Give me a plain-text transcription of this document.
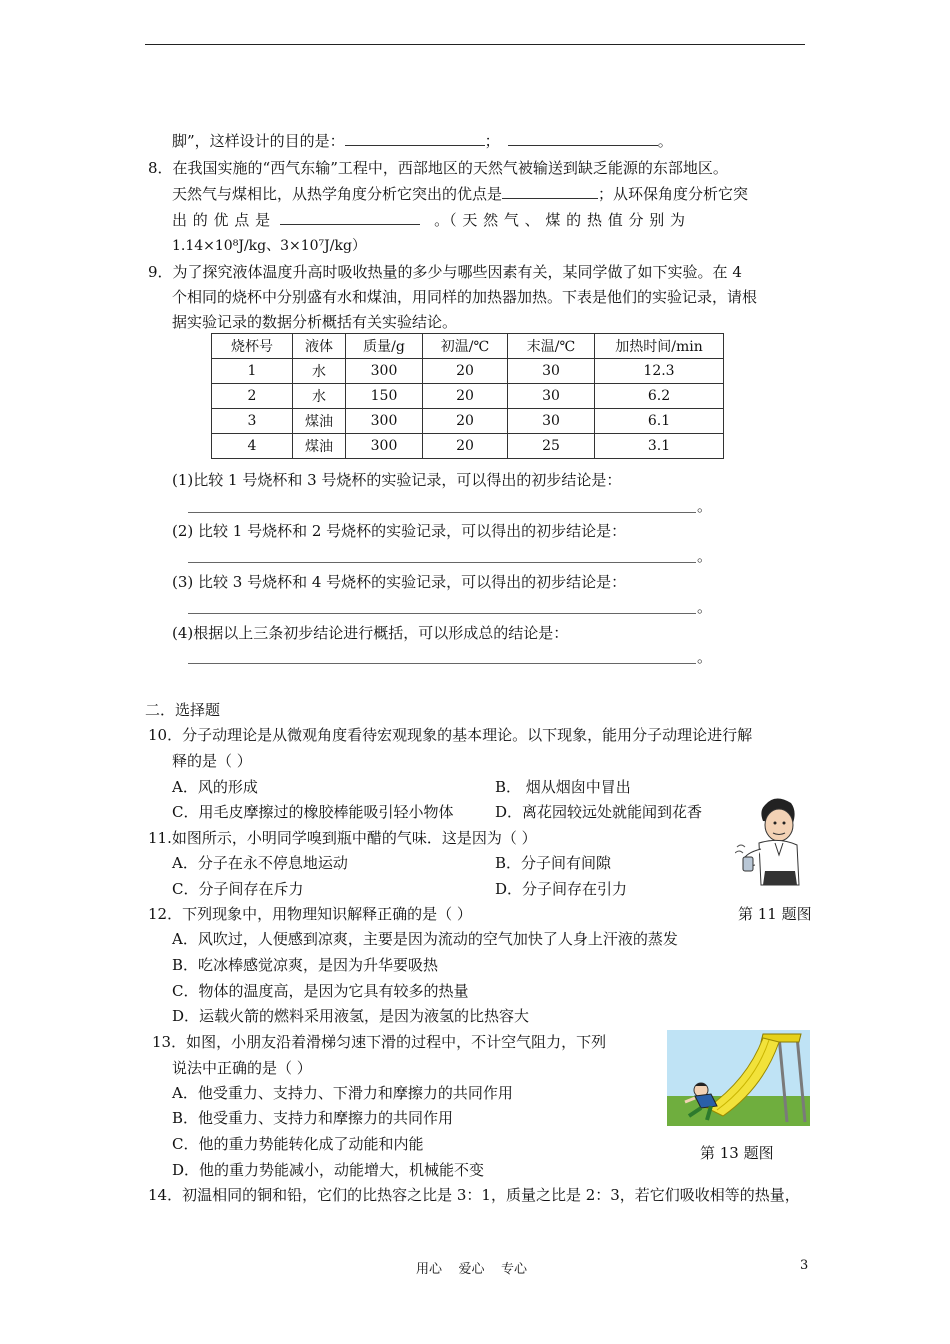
脚”，这样设计的目的是：	；	。
8．在我国实施的“西气东输”工程中，西部地区的天然气被输送到缺乏能源的东部地区。
天然气与煤相比，从热学角度分析它突出的优点是	；从环保角度分析它突
出 的 优 点 是	。（ 天 然 气 、 煤 的 热 值 分 别 为
1.14×10⁸J/kg、3×10⁷J/kg）
9．为了探究液体温度升高时吸收热量的多少与哪些因素有关，某同学做了如下实验。在 4
个相同的烧杯中分别盛有水和煤油，用同样的加热器加热。下表是他们的实验记录，请根
据实验记录的数据分析概括有关实验结论。
烧杯号	液体	质量/g	初温/℃	末温/℃	加热时间/min
1	水	300	20	30	12.3
2	水	150	20	30	6.2
3	煤油	300	20	30	6.1
4	煤油	300	20	25	3.1
(1)比较 1 号烧杯和 3 号烧杯的实验记录，可以得出的初步结论是：
。
(2) 比较 1 号烧杯和 2 号烧杯的实验记录，可以得出的初步结论是：
。
(3) 比较 3 号烧杯和 4 号烧杯的实验记录，可以得出的初步结论是：
。
(4)根据以上三条初步结论进行概括，可以形成总的结论是：
。
二．选择题
10．分子动理论是从微观角度看待宏观现象的基本理论。以下现象，能用分子动理论进行解
释的是（ ）
A．风的形成	B． 烟从烟囱中冒出
C．用毛皮摩擦过的橡胶棒能吸引轻小物体	D．离花园较远处就能闻到花香
11.如图所示，小明同学嗅到瓶中醋的气味．这是因为（ ）
A．分子在永不停息地运动	B．分子间有间隙
C．分子间存在斥力	D．分子间存在引力
第 11 题图
12．下列现象中，用物理知识解释正确的是（ ）
A．风吹过，人便感到凉爽，主要是因为流动的空气加快了人身上汗液的蒸发
B．吃冰棒感觉凉爽，是因为升华要吸热
C．物体的温度高，是因为它具有较多的热量
D．运载火箭的燃料采用液氢，是因为液氢的比热容大
13．如图，小朋友沿着滑梯匀速下滑的过程中，不计空气阻力，下列
说法中正确的是（ ）
A．他受重力、支持力、下滑力和摩擦力的共同作用
B．他受重力、支持力和摩擦力的共同作用
C．他的重力势能转化成了动能和内能
D．他的重力势能减小，动能增大，机械能不变
第 13 题图
14．初温相同的铜和铅，它们的比热容之比是 3：1，质量之比是 2：3，若它们吸收相等的热量，
用心    爱心    专心	3
